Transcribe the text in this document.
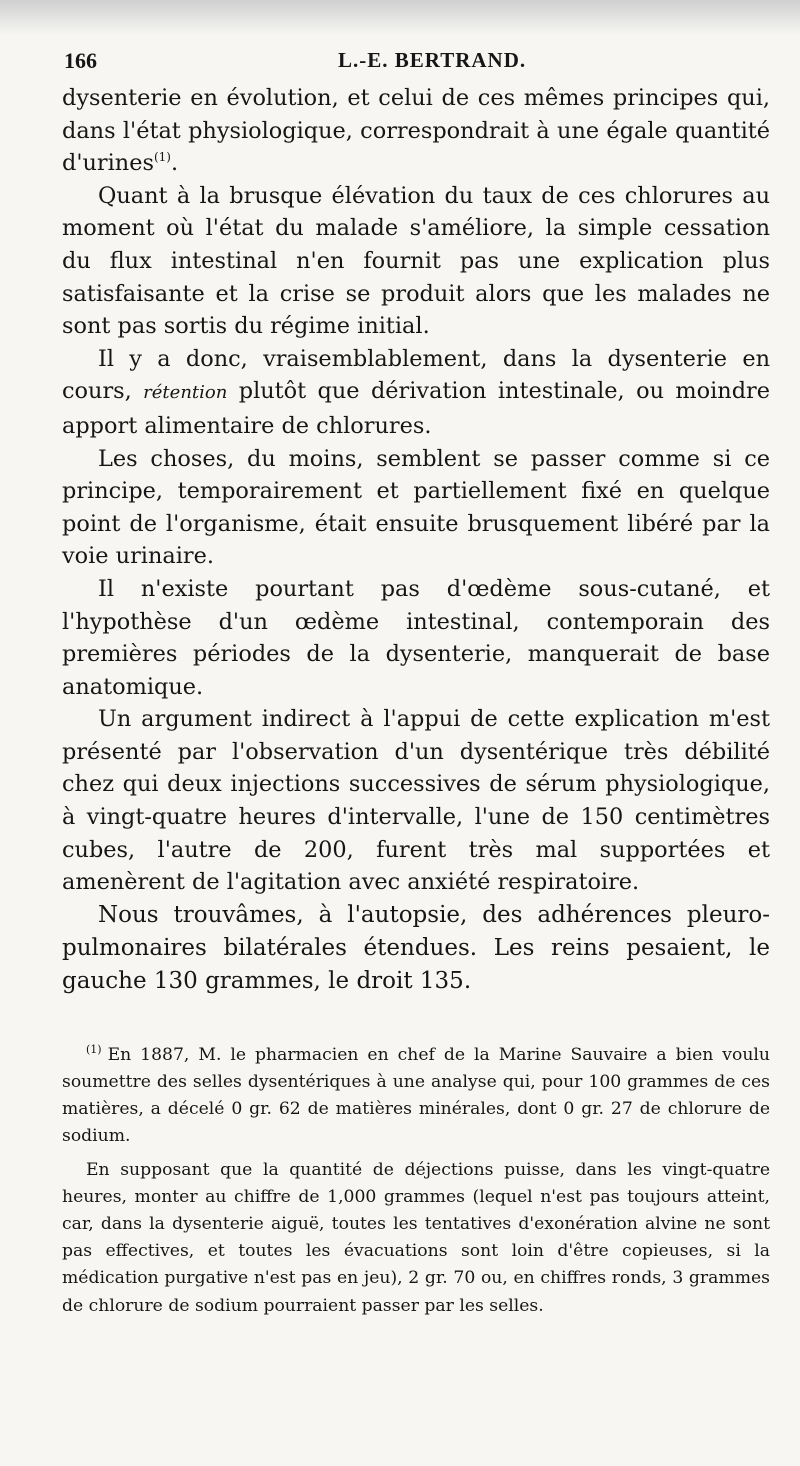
166	L.-E. BERTRAND.

dysenterie en évolution, et celui de ces mêmes principes qui, dans l'état physiologique, correspondrait à une égale quantité d'urines$^{(1)}$.

Quant à la brusque élévation du taux de ces chlorures au moment où l'état du malade s'améliore, la simple cessation du flux intestinal n'en fournit pas une explication plus satisfaisante et la crise se produit alors que les malades ne sont pas sortis du régime initial.

Il y a donc, vraisemblablement, dans la dysenterie en cours, rétention plutôt que dérivation intestinale, ou moindre apport alimentaire de chlorures.

Les choses, du moins, semblent se passer comme si ce principe, temporairement et partiellement fixé en quelque point de l'organisme, était ensuite brusquement libéré par la voie urinaire.

Il n'existe pourtant pas d'œdème sous-cutané, et l'hypothèse d'un œdème intestinal, contemporain des premières périodes de la dysenterie, manquerait de base anatomique.

Un argument indirect à l'appui de cette explication m'est présenté par l'observation d'un dysentérique très débilité chez qui deux injections successives de sérum physiologique, à vingt-quatre heures d'intervalle, l'une de 150 centimètres cubes, l'autre de 200, furent très mal supportées et amenèrent de l'agitation avec anxiété respiratoire.

Nous trouvâmes, à l'autopsie, des adhérences pleuro-pulmonaires bilatérales étendues. Les reins pesaient, le gauche 130 grammes, le droit 135.

$^{(1)}$ En 1887, M. le pharmacien en chef de la Marine Sauvaire a bien voulu soumettre des selles dysentériques à une analyse qui, pour 100 grammes de ces matières, a décelé 0 gr. 62 de matières minérales, dont 0 gr. 27 de chlorure de sodium.

En supposant que la quantité de déjections puisse, dans les vingt-quatre heures, monter au chiffre de 1,000 grammes (lequel n'est pas toujours atteint, car, dans la dysenterie aiguë, toutes les tentatives d'exonération alvine ne sont pas effectives, et toutes les évacuations sont loin d'être copieuses, si la médication purgative n'est pas en jeu), 2 gr. 70 ou, en chiffres ronds, 3 grammes de chlorure de sodium pourraient passer par les selles.
